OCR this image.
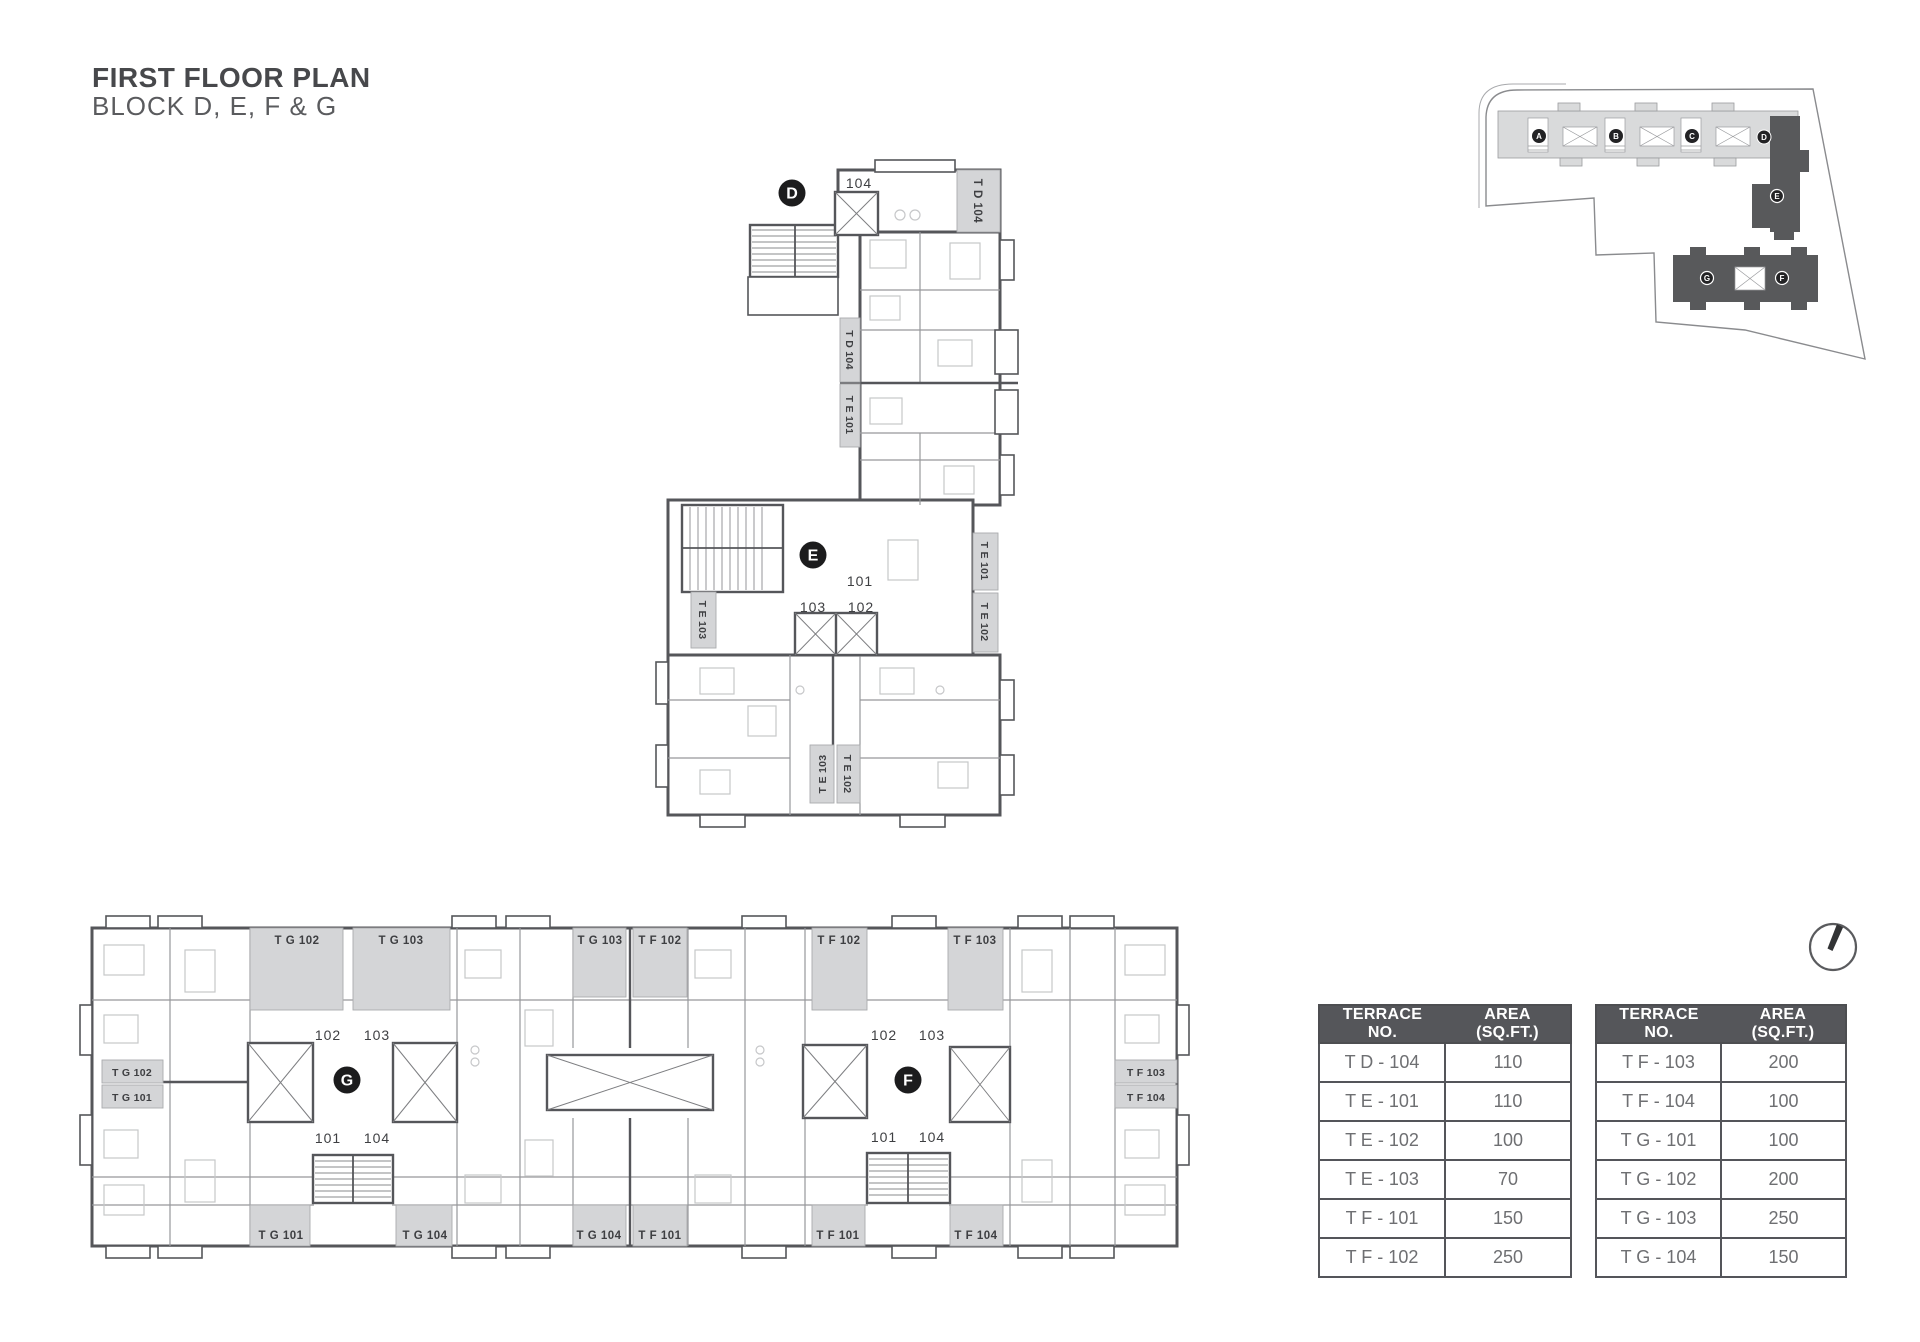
FIRST FLOOR PLAN
BLOCK D, E, F & G
A	B	C	D
E
G	F
T D 104
T D 104
T E 101
T E 101
T E 102
T E 103
T E 103 T E 102
D
E
104
101
103 102
T G 102	T G 103	T G 103 T F 102	T F 102	T F 103
T G 101	T G 104	T G 104 T F 101	T F 101	T F 104
T G 102
T G 101
T F 103
T F 104
G	F
102 103
101 104
102 103
101 104
TERRACE NO.	AREA (SQ.FT.)
T D - 104	110
T E - 101	110
T E - 102	100
T E - 103	70
T F - 101	150
T F - 102	250
TERRACE NO.	AREA (SQ.FT.)
T F - 103	200
T F - 104	100
T G - 101	100
T G - 102	200
T G - 103	250
T G - 104	150
